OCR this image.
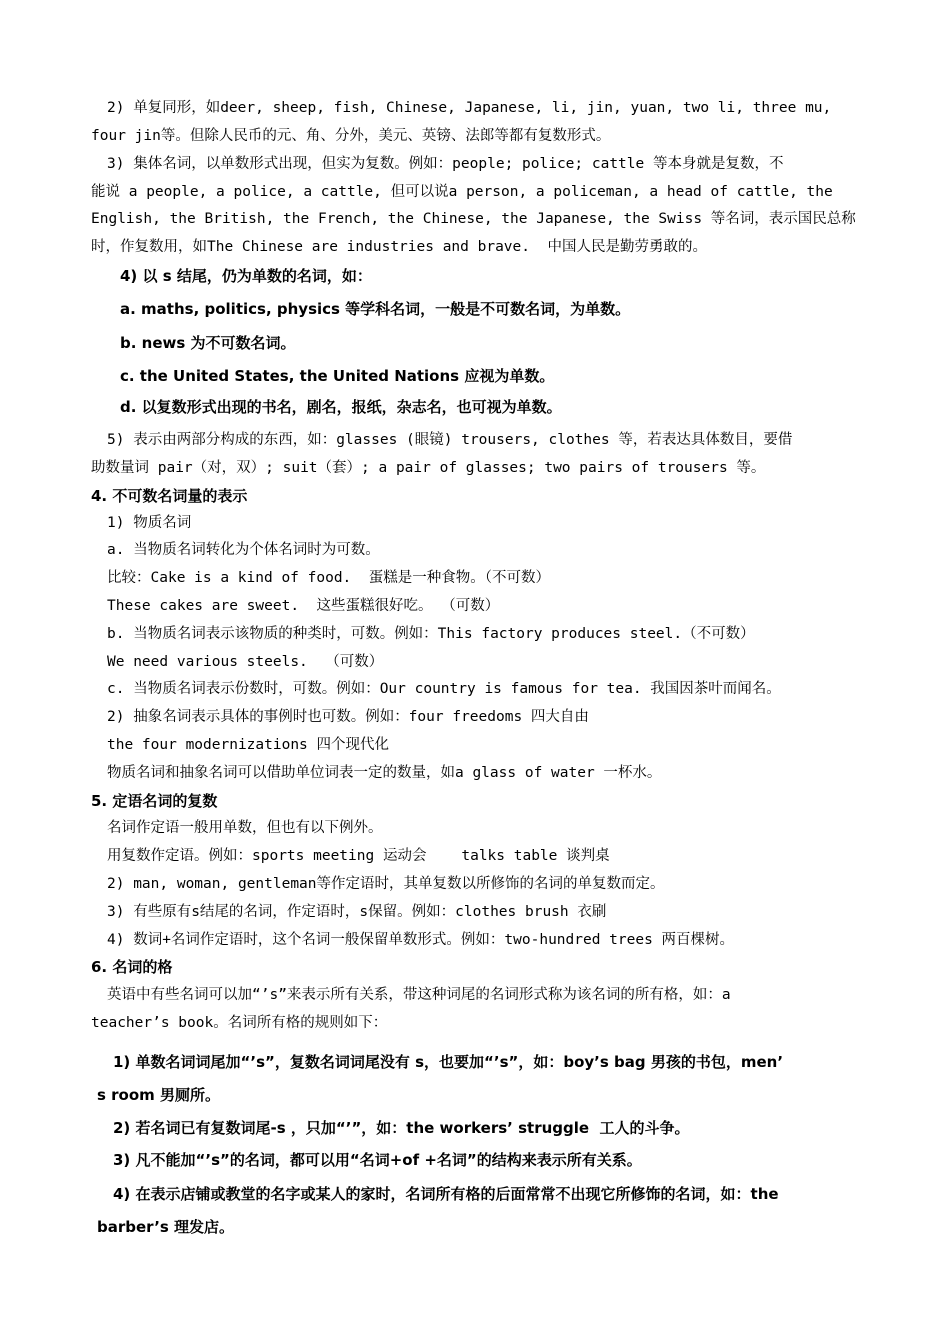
2) 单复同形，如deer, sheep, fish, Chinese, Japanese, li, jin, yuan, two li, three mu,
four jin等。但除人民币的元、角、分外，美元、英镑、法郎等都有复数形式。
3) 集体名词，以单数形式出现，但实为复数。例如：people; police; cattle 等本身就是复数，不
能说 a people, a police, a cattle, 但可以说a person, a policeman, a head of cattle, the
English, the British, the French, the Chinese, the Japanese, the Swiss 等名词，表示国民总称
时，作复数用，如The Chinese are industries and brave.  中国人民是勤劳勇敢的。
4) 以 s 结尾，仍为单数的名词，如：
a. maths, politics, physics 等学科名词，一般是不可数名词，为单数。
b. news 为不可数名词。
c. the United States, the United Nations 应视为单数。
d. 以复数形式出现的书名，剧名，报纸，杂志名，也可视为单数。
5) 表示由两部分构成的东西，如：glasses (眼镜) trousers, clothes 等，若表达具体数目，要借
助数量词 pair（对，双）; suit（套）; a pair of glasses; two pairs of trousers 等。
4. 不可数名词量的表示
1) 物质名词
a. 当物质名词转化为个体名词时为可数。
比较：Cake is a kind of food.  蛋糕是一种食物。（不可数）
These cakes are sweet.  这些蛋糕很好吃。 （可数）
b. 当物质名词表示该物质的种类时，可数。例如：This factory produces steel.（不可数）
We need various steels.  （可数）
c. 当物质名词表示份数时，可数。例如：Our country is famous for tea. 我国因茶叶而闻名。
2) 抽象名词表示具体的事例时也可数。例如：four freedoms 四大自由
the four modernizations 四个现代化
物质名词和抽象名词可以借助单位词表一定的数量，如a glass of water 一杯水。
5. 定语名词的复数
名词作定语一般用单数，但也有以下例外。
用复数作定语。例如：sports meeting 运动会    talks table 谈判桌
2) man, woman, gentleman等作定语时，其单复数以所修饰的名词的单复数而定。
3) 有些原有s结尾的名词，作定语时，s保留。例如：clothes brush 衣刷
4) 数词+名词作定语时，这个名词一般保留单数形式。例如：two-hundred trees 两百棵树。
6. 名词的格
英语中有些名词可以加“’s”来表示所有关系，带这种词尾的名词形式称为该名词的所有格，如：a
teacher’s book。名词所有格的规则如下：
1) 单数名词词尾加“’s”，复数名词词尾没有 s，也要加“’s”，如：boy’s bag 男孩的书包，men’
s room 男厕所。
2) 若名词已有复数词尾-s ，只加“’”，如：the workers’ struggle  工人的斗争。
3) 凡不能加“’s”的名词，都可以用“名词+of +名词”的结构来表示所有关系。
4) 在表示店铺或教堂的名字或某人的家时，名词所有格的后面常常不出现它所修饰的名词，如：the
barber’s 理发店。
